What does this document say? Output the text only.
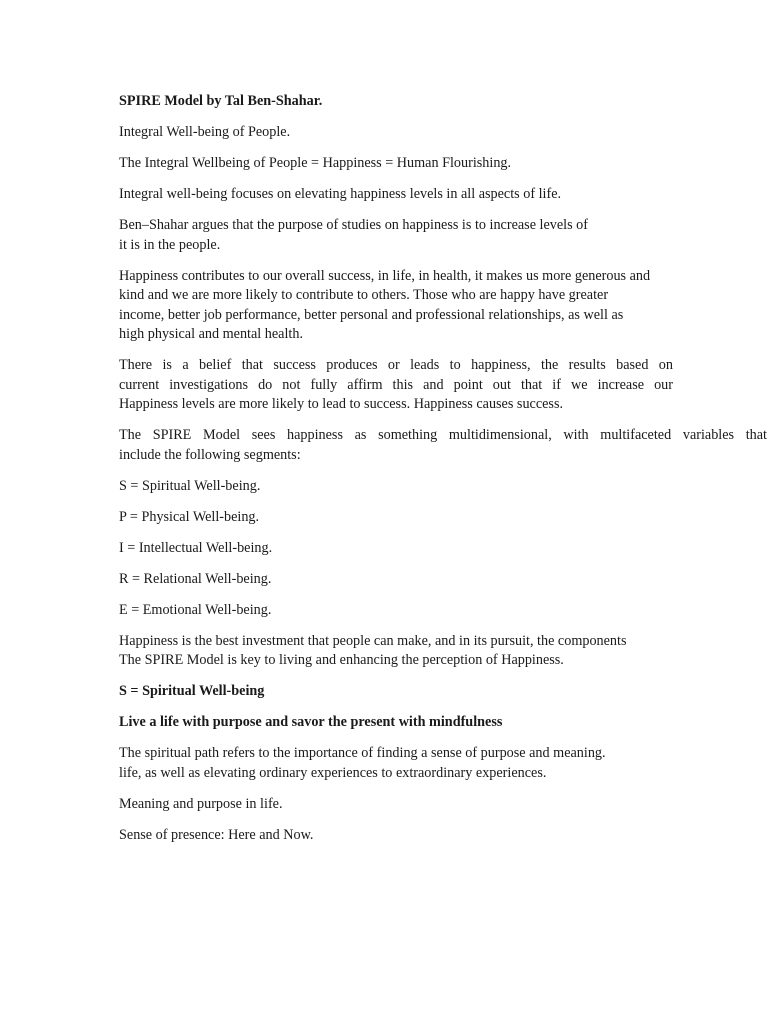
SPIRE Model by Tal Ben-Shahar.

Integral Well-being of People.

The Integral Wellbeing of People = Happiness = Human Flourishing.

Integral well-being focuses on elevating happiness levels in all aspects of life.

Ben–Shahar argues that the purpose of studies on happiness is to increase levels of
it is in the people.

Happiness contributes to our overall success, in life, in health, it makes us more generous and
kind and we are more likely to contribute to others. Those who are happy have greater
income, better job performance, better personal and professional relationships, as well as
high physical and mental health.

There is a belief that success produces or leads to happiness, the results based on
current investigations do not fully affirm this and point out that if we increase our
Happiness levels are more likely to lead to success. Happiness causes success.

The SPIRE Model sees happiness as something multidimensional, with multifaceted variables that
include the following segments:

S = Spiritual Well-being.

P = Physical Well-being.

I = Intellectual Well-being.

R = Relational Well-being.

E = Emotional Well-being.

Happiness is the best investment that people can make, and in its pursuit, the components
The SPIRE Model is key to living and enhancing the perception of Happiness.

S = Spiritual Well-being

Live a life with purpose and savor the present with mindfulness

The spiritual path refers to the importance of finding a sense of purpose and meaning.
life, as well as elevating ordinary experiences to extraordinary experiences.

Meaning and purpose in life.

Sense of presence: Here and Now.
